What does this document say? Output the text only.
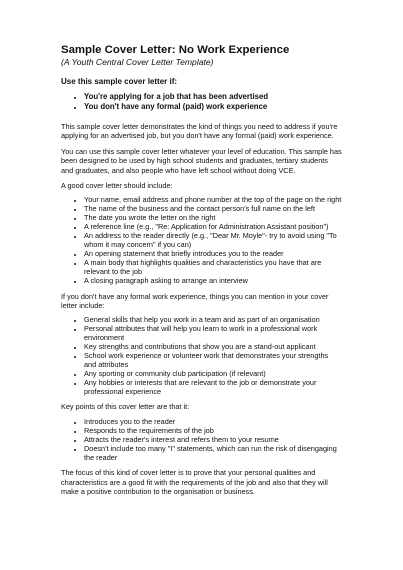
Sample Cover Letter: No Work Experience
(A Youth Central Cover Letter Template)
Use this sample cover letter if:
• You're applying for a job that has been advertised
• You don't have any formal (paid) work experience

This sample cover letter demonstrates the kind of things you need to address if you're applying for an advertised job, but you don't have any formal (paid) work experience.

You can use this sample cover letter whatever your level of education. This sample has been designed to be used by high school students and graduates, tertiary students and graduates, and also people who have left school without doing VCE.

A good cover letter should include:

• Your name, email address and phone number at the top of the page on the right
• The name of the business and the contact person's full name on the left
• The date you wrote the letter on the right
• A reference line (e.g., "Re: Application for Administration Assistant position")
• An address to the reader directly (e.g., "Dear Mr. Moyle"- try to avoid using "To whom it may concern" if you can)
• An opening statement that briefly introduces you to the reader
• A main body that highlights qualities and characteristics you have that are relevant to the job
• A closing paragraph asking to arrange an interview

If you don't have any formal work experience, things you can mention in your cover letter include:

• General skills that help you work in a team and as part of an organisation
• Personal attributes that will help you learn to work in a professional work environment
• Key strengths and contributions that show you are a stand-out applicant
• School work experience or volunteer work that demonstrates your strengths and attributes
• Any sporting or community club participation (if relevant)
• Any hobbies or interests that are relevant to the job or demonstrate your professional experience

Key points of this cover letter are that it:

• Introduces you to the reader
• Responds to the requirements of the job
• Attracts the reader's interest and refers them to your resume
• Doesn't include too many "I" statements, which can run the risk of disengaging the reader

The focus of this kind of cover letter is to prove that your personal qualities and characteristics are a good fit with the requirements of the job and also that they will make a positive contribution to the organisation or business.
